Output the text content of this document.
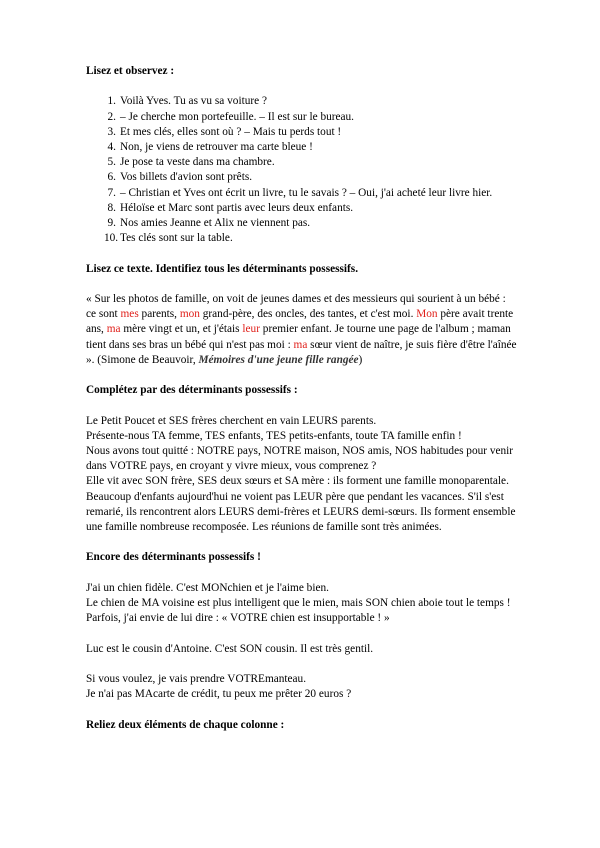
Lisez et observez :
1. Voilà Yves. Tu as vu sa voiture ?
2. – Je cherche mon portefeuille. – Il est sur le bureau.
3. Et mes clés, elles sont où ? – Mais tu perds tout !
4. Non, je viens de retrouver ma carte bleue !
5. Je pose ta veste dans ma chambre.
6. Vos billets d'avion sont prêts.
7. – Christian et Yves ont écrit un livre, tu le savais ? – Oui, j'ai acheté leur livre hier.
8. Héloïse et Marc sont partis avec leurs deux enfants.
9. Nos amies Jeanne et Alix ne viennent pas.
10. Tes clés sont sur la table.
Lisez ce texte. Identifiez tous les déterminants possessifs.

« Sur les photos de famille, on voit de jeunes dames et des messieurs qui sourient à un bébé : ce sont mes parents, mon grand-père, des oncles, des tantes, et c'est moi. Mon père avait trente ans, ma mère vingt et un, et j'étais leur premier enfant. Je tourne une page de l'album ; maman tient dans ses bras un bébé qui n'est pas moi : ma sœur vient de naître, je suis fière d'être l'aînée ». (Simone de Beauvoir, Mémoires d'une jeune fille rangée)

Complétez par des déterminants possessifs :

Le Petit Poucet et SES frères cherchent en vain LEURS parents.

Présente-nous TA femme, TES enfants, TES petits-enfants, toute TA famille enfin !

Nous avons tout quitté : NOTRE pays, NOTRE maison, NOS amis, NOS habitudes pour venir dans VOTRE pays, en croyant y vivre mieux, vous comprenez ?

Elle vit avec SON frère, SES deux sœurs et SA mère : ils forment une famille monoparentale. Beaucoup d'enfants aujourd'hui ne voient pas LEUR père que pendant les vacances. S'il s'est remarié, ils rencontrent alors LEURS demi-frères et LEURS demi-sœurs. Ils forment ensemble une famille nombreuse recomposée. Les réunions de famille sont très animées.

Encore des déterminants possessifs !

J'ai un chien fidèle. C'est MONchien et je l'aime bien.

Le chien de MA voisine est plus intelligent que le mien, mais SON chien aboie tout le temps ! Parfois, j'ai envie de lui dire : « VOTRE chien est insupportable ! »

Luc est le cousin d'Antoine. C'est SON cousin. Il est très gentil.

Si vous voulez, je vais prendre VOTREmanteau.

Je n'ai pas MAcarte de crédit, tu peux me prêter 20 euros ?

Reliez deux éléments de chaque colonne :
